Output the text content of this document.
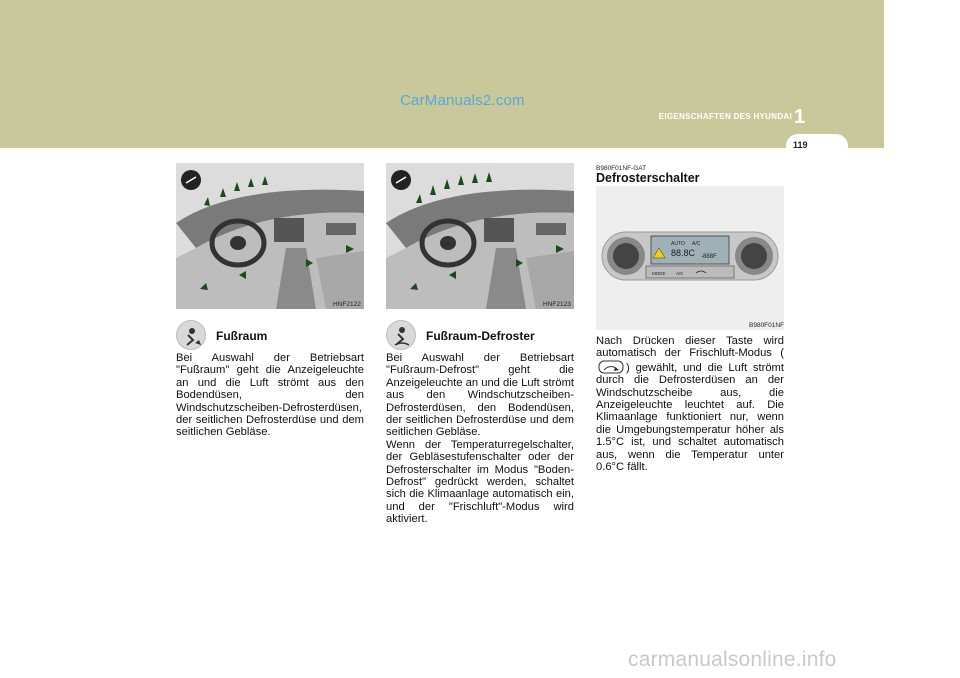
CarManuals2.com
EIGENSCHAFTEN DES HYUNDAI 1
119
HNF2122
Fußraum
Bei Auswahl der Betriebsart "Fußraum" geht die Anzeigeleuchte an und die Luft strömt aus den Bodendüsen, den Windschutzscheiben-Defrosterdüsen, der seitlichen Defrosterdüse und dem seitlichen Gebläse.
HNF2123
Fußraum-Defroster
Bei Auswahl der Betriebsart "Fußraum-Defrost" geht die Anzeigeleuchte an und die Luft strömt aus den Windschutzscheiben-Defrosterdüsen, den Bodendüsen, der seitlichen Defrosterdüse und dem seitlichen Gebläse.
Wenn der Temperaturregelschalter, der Gebläsestufenschalter oder der Defrosterschalter im Modus "Boden-Defrost" gedrückt werden, schaltet sich die Klimaanlage automatisch ein, und der "Frischluft"-Modus wird aktiviert.
B980F01NF-GAT
Defrosterschalter
AUTO A/C
88.8C -888F
MODE A/C
B980F01NF
Nach Drücken dieser Taste wird automatisch der Frischluft-Modus () gewählt, und die Luft strömt durch die Defrosterdüsen an der Windschutzscheibe aus, die Anzeigeleuchte leuchtet auf. Die Klimaanlage funktioniert nur, wenn die Umgebungstemperatur höher als 1.5°C ist, und schaltet automatisch aus, wenn die Temperatur unter 0.6°C fällt.
carmanualsonline.info
